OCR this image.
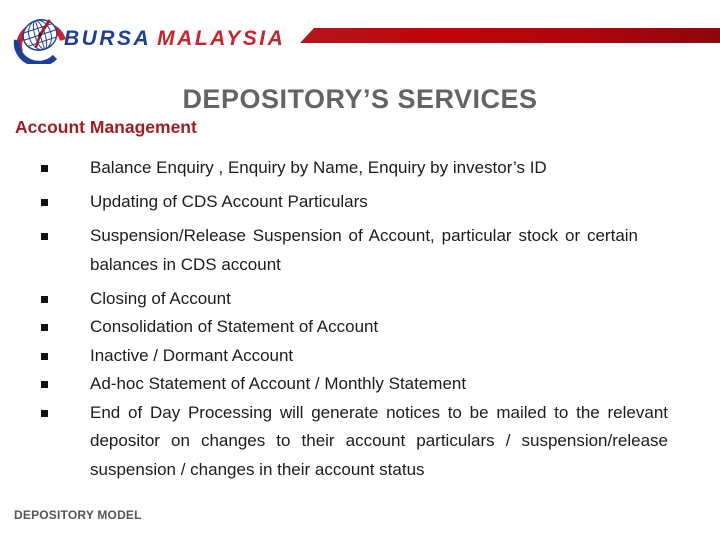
BURSA MALAYSIA
DEPOSITORY’S SERVICES
Account Management
Balance Enquiry , Enquiry by Name, Enquiry by investor’s ID
Updating of CDS Account Particulars
Suspension/Release Suspension of Account, particular stock or certain balances in CDS account
Closing of Account
Consolidation of Statement of Account
Inactive / Dormant Account
Ad-hoc Statement of Account / Monthly Statement
End of Day Processing will generate notices to be mailed to the relevant depositor on changes to their account particulars / suspension/release suspension / changes in their account status
DEPOSITORY MODEL
